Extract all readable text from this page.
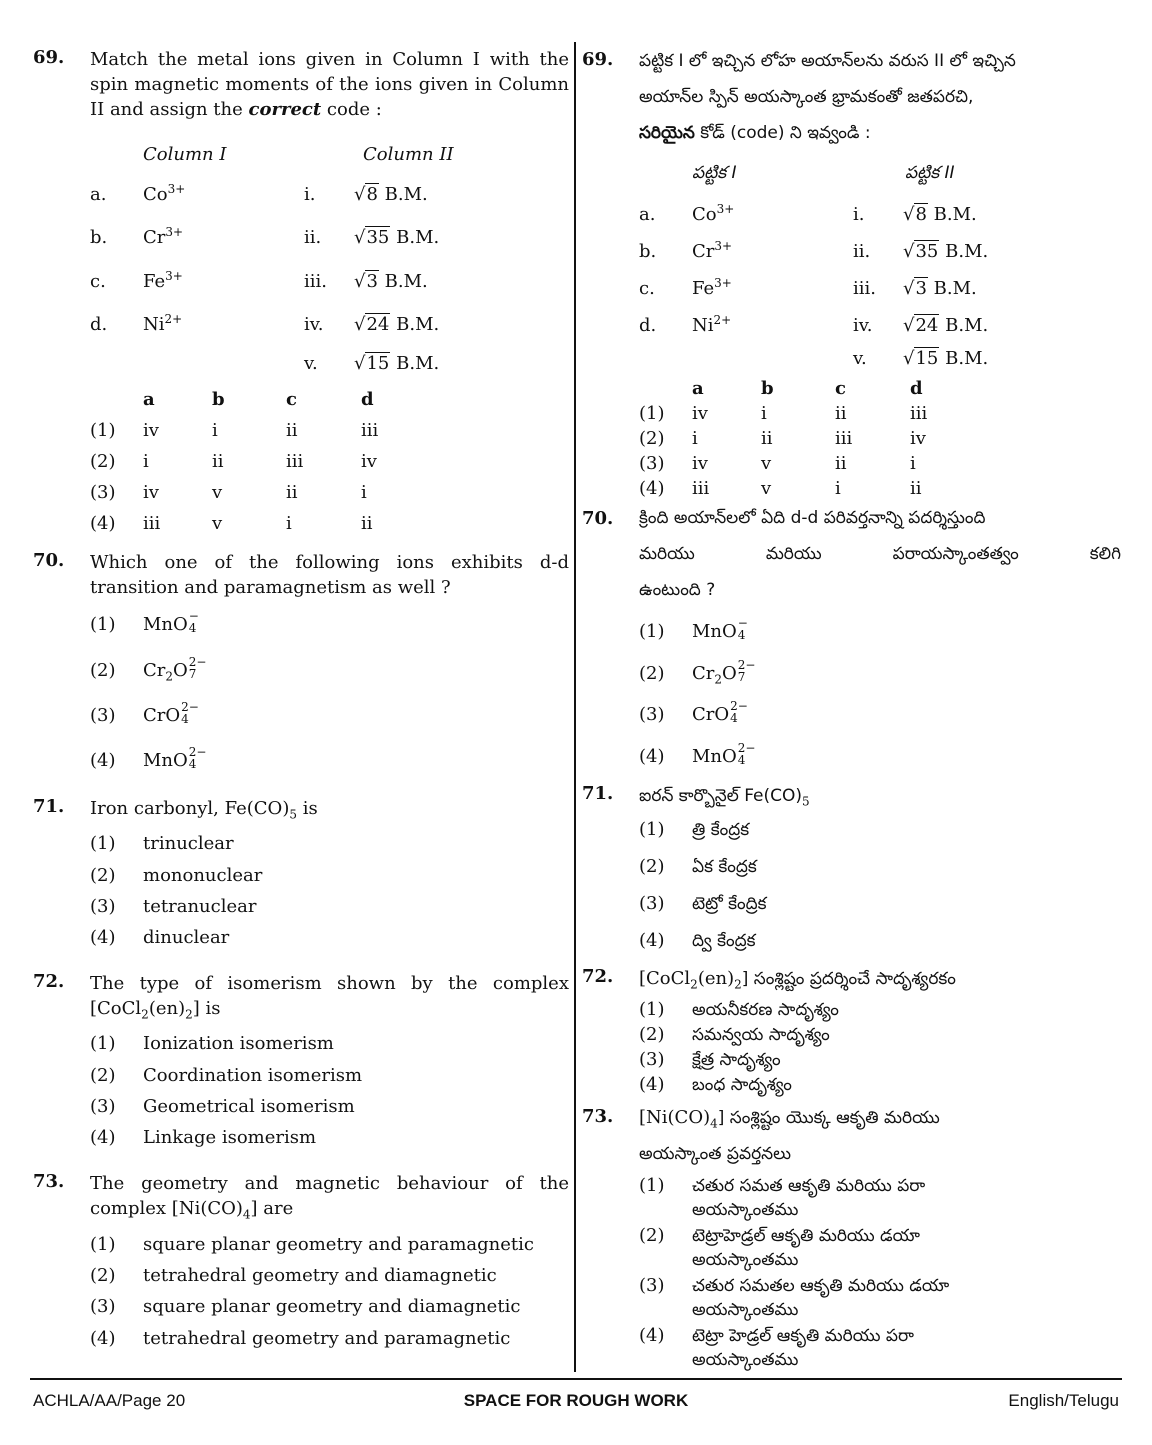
69. Match the metal ions given in Column I with the spin magnetic moments of the ions given in Column II and assign the correct code :
Column I	Column II
a. $Co^{3+}$	i. √8 B.M.
b. $Cr^{3+}$	ii. √35 B.M.
c. $Fe^{3+}$	iii. √3 B.M.
d. $Ni^{2+}$	iv. √24 B.M.
v. √15 B.M.
a	b	c	d
(1) iv	i	ii	iii
(2) i	ii	iii	iv
(3) iv	v	ii	i
(4) iii	v	i	ii
70. Which one of the following ions exhibits d-d transition and paramagnetism as well ?
(1) MnO −
4
(2) $Cr_2O$ 2−
7
(3) CrO 2−
4
(4) MnO 2−
4
71. Iron carbonyl, $Fe(CO)_5$ is
(1) trinuclear
(2) mononuclear
(3) tetranuclear
(4) dinuclear
72. The type of isomerism shown by the complex
$[CoCl_2(en)_2]$ is
(1) Ionization isomerism
(2) Coordination isomerism
(3) Geometrical isomerism
(4) Linkage isomerism
73. The geometry and magnetic behaviour of the
complex $[Ni(CO)_4]$ are
(1) square planar geometry and paramagnetic
(2) tetrahedral geometry and diamagnetic
(3) square planar geometry and diamagnetic
(4) tetrahedral geometry and paramagnetic
69. పట్టిక I లో ఇచ్చిన లోహ అయాన్‌లను వరుస II లో ఇచ్చిన
అయాన్‌ల స్పిన్ అయస్కాంత భ్రామకంతో జతపరచి,
సరియైన కోడ్ (code) ని ఇవ్వండి :
పట్టిక I	పట్టిక II
a. $Co^{3+}$	i. √8 B.M.
b. $Cr^{3+}$	ii. √35 B.M.
c. $Fe^{3+}$	iii. √3 B.M.
d. $Ni^{2+}$	iv. √24 B.M.
v. √15 B.M.
a	b	c	d
(1) iv	i	ii	iii
(2) i	ii	iii	iv
(3) iv	v	ii	i
(4) iii	v	i	ii
70. క్రింది అయాన్‌లలో ఏది d-d పరివర్తనాన్ని పదర్శిస్తుంది
మరియు మరియు పరాయస్కాంతత్వం కలిగి
ఉంటుంది ?
(1) MnO −
4
(2) $Cr_2O$ 2−
7
(3) CrO 2−
4
(4) MnO 2−
4
71. ఐరన్ కార్బొనైల్ $Fe(CO)_5$
(1) త్రి కేంద్రక
(2) ఏక కేంద్రక
(3) టెట్రో కేంద్రిక
(4) ద్వి కేంద్రక
72. $[CoCl_2(en)_2]$ సంశ్లిష్టం ప్రదర్శించే సాదృశ్యరకం
(1) అయనీకరణ సాదృశ్యం
(2) సమన్వయ సాదృశ్యం
(3) క్షేత్ర సాదృశ్యం
(4) బంధ సాదృశ్యం
73. $[Ni(CO)_4]$ సంశ్లిష్టం యొక్క ఆకృతి మరియు
అయస్కాంత ప్రవర్తనలు
(1) చతుర సమత ఆకృతి మరియు పరా
అయస్కాంతము
(2) టెట్రాహెడ్రల్ ఆకృతి మరియు డయా
అయస్కాంతము
(3) చతుర సమతల ఆకృతి మరియు డయా
అయస్కాంతము
(4) టెట్రా హెడ్రల్ ఆకృతి మరియు పరా
అయస్కాంతము
ACHLA/AA/Page 20	SPACE FOR ROUGH WORK	English/Telugu
